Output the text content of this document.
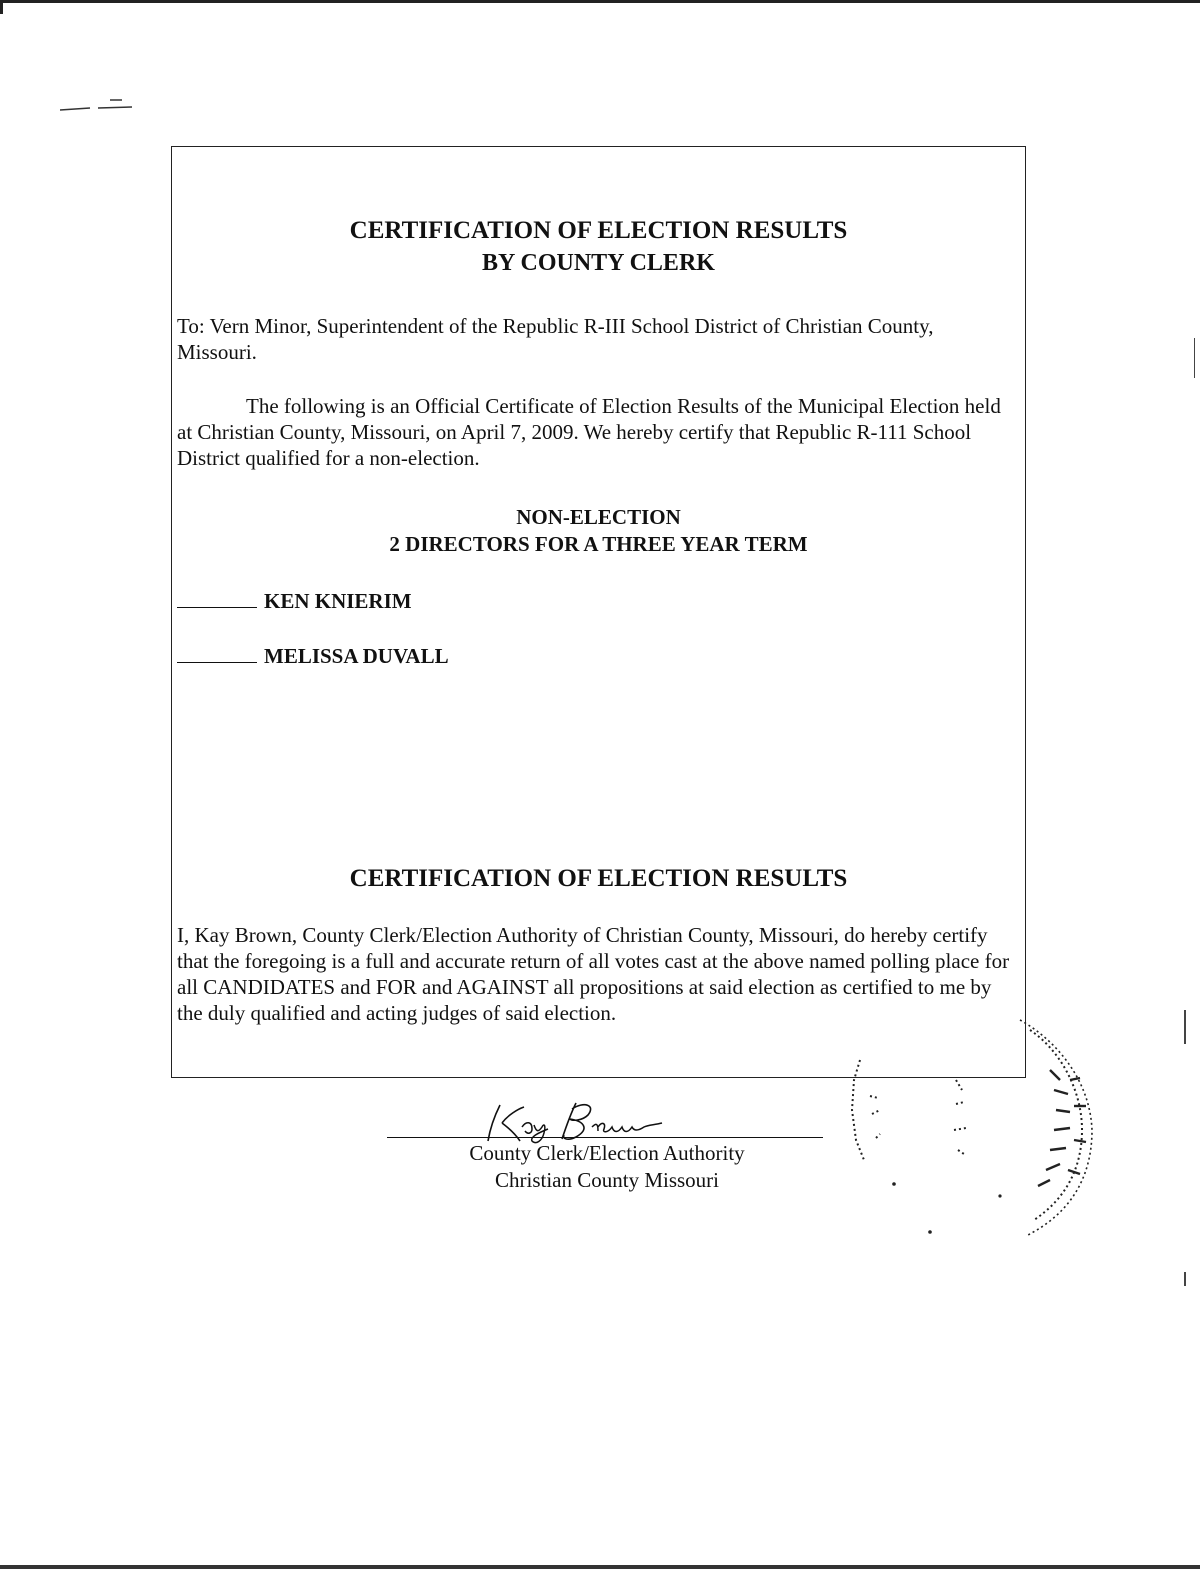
CERTIFICATION OF ELECTION RESULTS
BY COUNTY CLERK

To: Vern Minor, Superintendent of the Republic R-III School District of Christian County, Missouri.

The following is an Official Certificate of Election Results of the Municipal Election held at Christian County, Missouri, on April 7, 2009. We hereby certify that Republic R-111 School District qualified for a non-election.

NON-ELECTION

2 DIRECTORS FOR A THREE YEAR TERM

KEN KNIERIM
MELISSA DUVALL
CERTIFICATION OF ELECTION RESULTS

I, Kay Brown, County Clerk/Election Authority of Christian County, Missouri, do hereby certify that the foregoing is a full and accurate return of all votes cast at the above named polling place for all CANDIDATES and FOR and AGAINST all propositions at said election as certified to me by the duly qualified and acting judges of said election.

County Clerk/Election Authority

Christian County Missouri
